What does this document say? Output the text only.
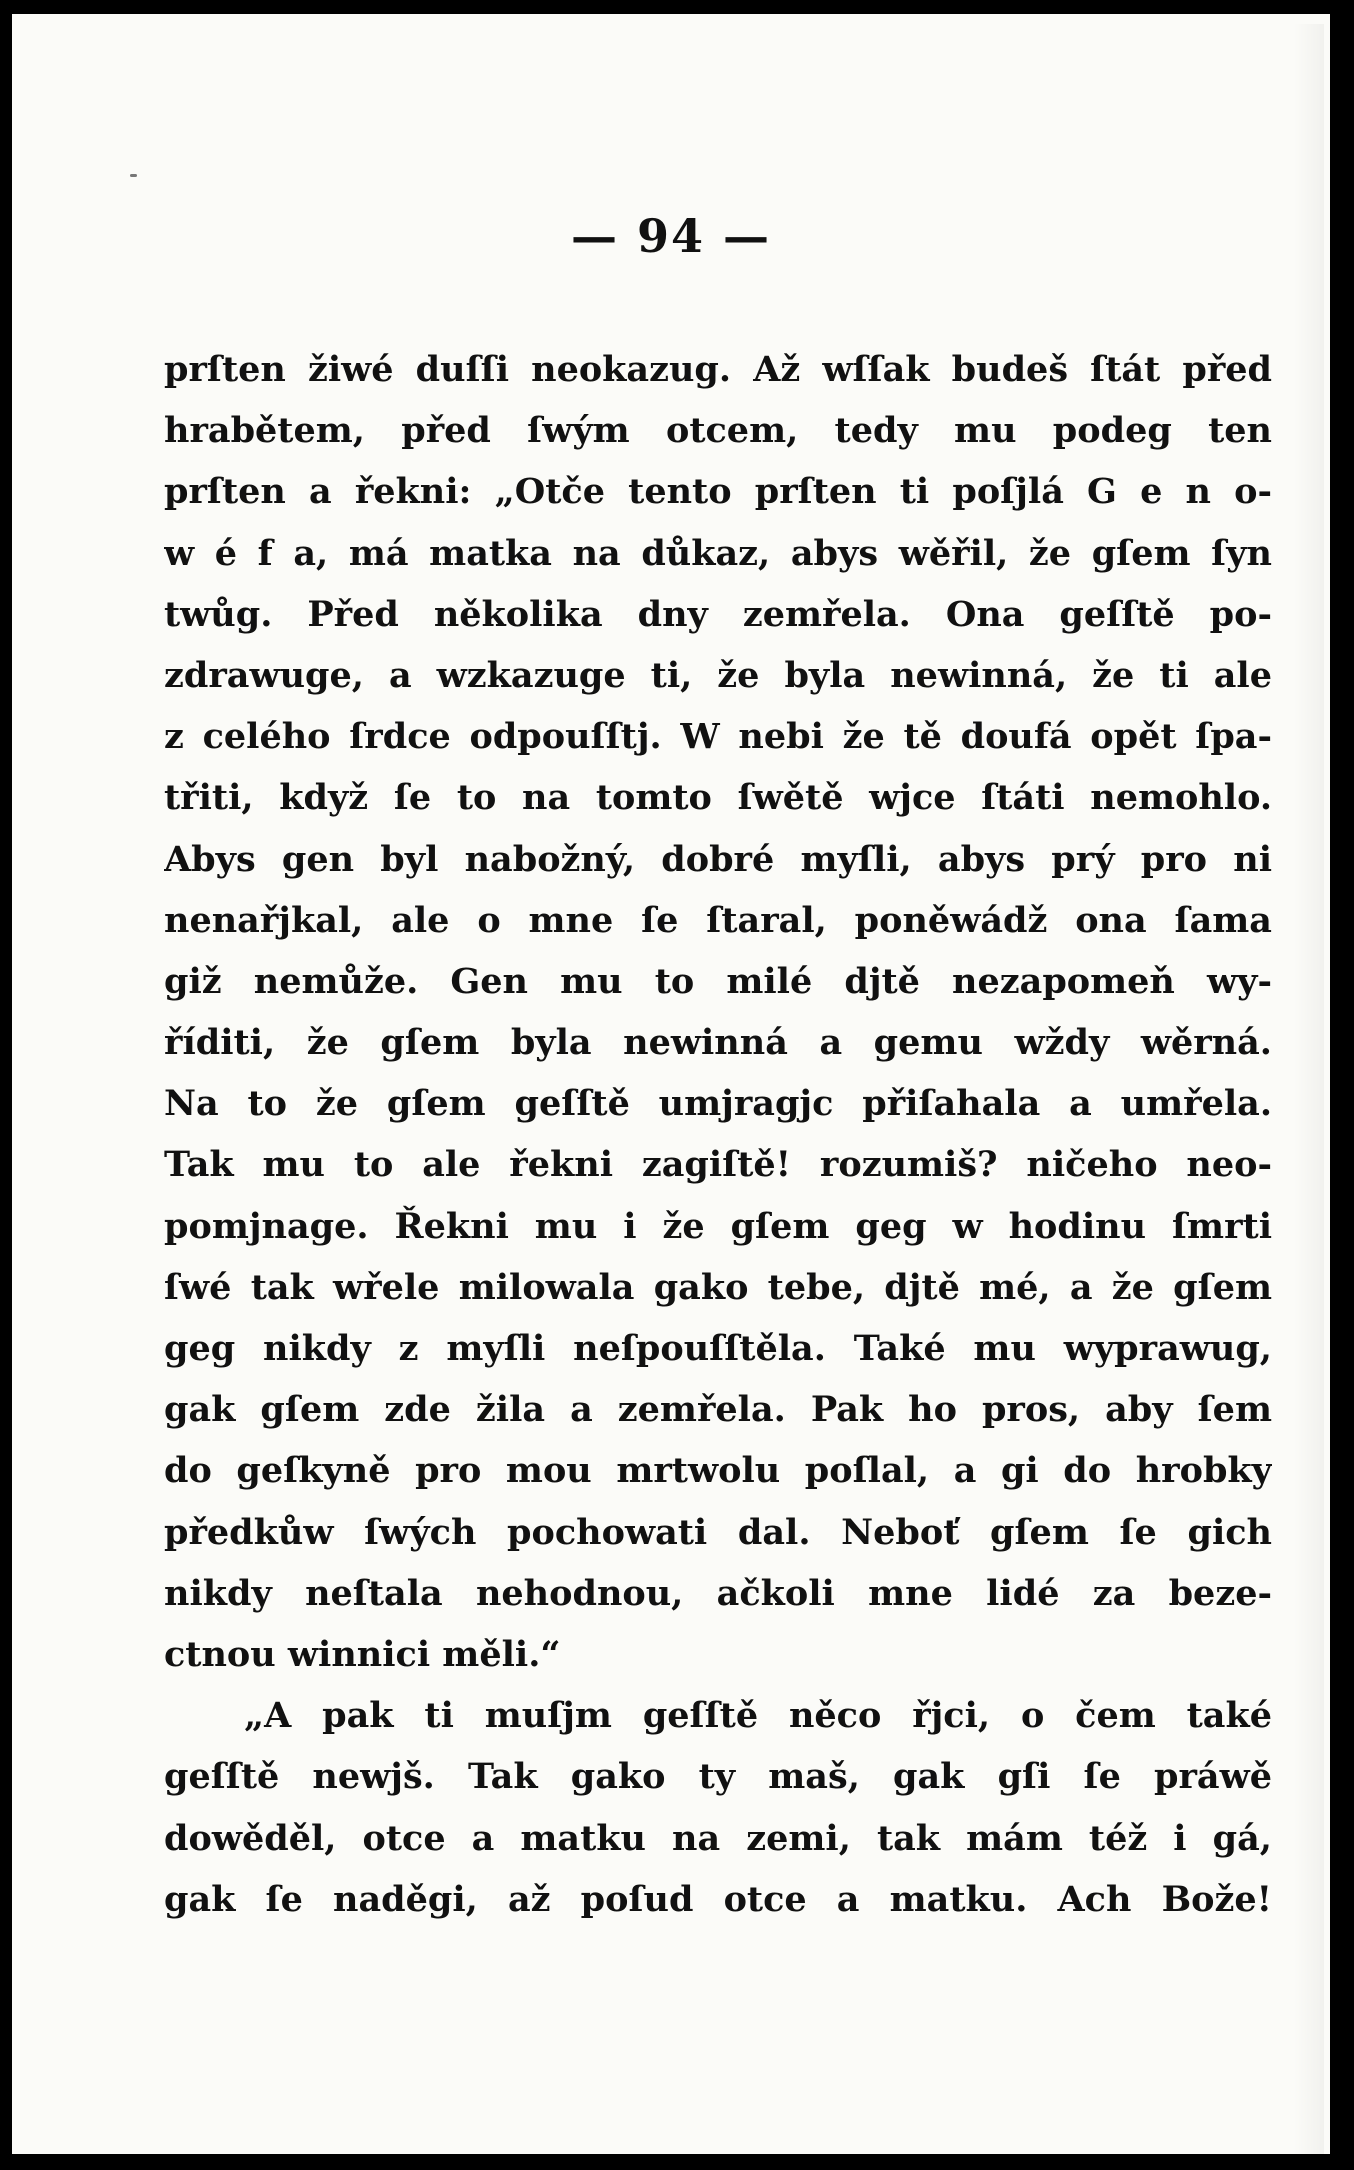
— 94 —
prſten žiwé duſſi neokazug. Až wſſak budeš ſtát před
hrabětem, před ſwým otcem, tedy mu podeg ten
prſten a řekni: „Otče tento prſten ti poſjlá G e n o-
w é f a, má matka na důkaz, abys wěřil, že gſem ſyn
twůg. Před několika dny zemřela. Ona geſſtě po-
zdrawuge, a wzkazuge ti, že byla newinná, že ti ale
z celého ſrdce odpouſſtj. W nebi že tě doufá opět ſpa-
třiti, když ſe to na tomto ſwětě wjce ſtáti nemohlo.
Abys gen byl nabožný, dobré myſli, abys prý pro ni
nenařjkal, ale o mne ſe ſtaral, poněwádž ona ſama
giž nemůže. Gen mu to milé djtě nezapomeň wy-
říditi, že gſem byla newinná a gemu wždy wěrná.
Na to že gſem geſſtě umjragjc přiſahala a umřela.
Tak mu to ale řekni zagiſtě! rozumiš? ničeho neo-
pomjnage. Řekni mu i že gſem geg w hodinu ſmrti
ſwé tak wřele milowala gako tebe, djtě mé, a že gſem
geg nikdy z myſli neſpouſſtěla. Také mu wyprawug,
gak gſem zde žila a zemřela. Pak ho pros, aby ſem
do geſkyně pro mou mrtwolu poſlal, a gi do hrobky
předkůw ſwých pochowati dal. Neboť gſem ſe gich
nikdy neſtala nehodnou, ačkoli mne lidé za beze-
ctnou winnici měli.“
„A pak ti muſjm geſſtě něco řjci, o čem také
geſſtě newjš. Tak gako ty maš, gak gſi ſe práwě
dowěděl, otce a matku na zemi, tak mám též i gá,
gak ſe naděgi, až poſud otce a matku. Ach Bože!
